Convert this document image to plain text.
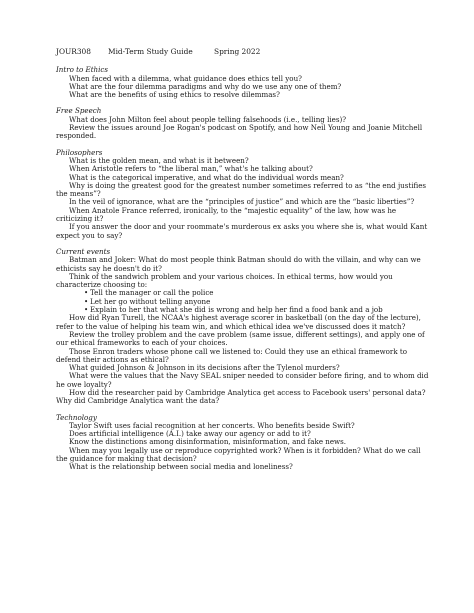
JOUR308	Mid-Term Study Guide	Spring 2022
Intro to Ethics
When faced with a dilemma, what guidance does ethics tell you?
What are the four dilemma paradigms and why do we use any one of them?
What are the benefits of using ethics to resolve dilemmas?
Free Speech
What does John Milton feel about people telling falsehoods (i.e., telling lies)?
Review the issues around Joe Rogan's podcast on Spotify, and how Neil Young and Joanie Mitchell responded.
Philosophers
What is the golden mean, and what is it between?
When Aristotle refers to “the liberal man,” what's he talking about?
What is the categorical imperative, and what do the individual words mean?
Why is doing the greatest good for the greatest number sometimes referred to as “the end justifies the means”?
In the veil of ignorance, what are the “principles of justice” and which are the “basic liberties”?
When Anatole France referred, ironically, to the “majestic equality” of the law, how was he criticizing it?
If you answer the door and your roommate's murderous ex asks you where she is, what would Kant expect you to say?
Current events
Batman and Joker: What do most people think Batman should do with the villain, and why can we ethicists say he doesn't do it?
Think of the sandwich problem and your various choices. In ethical terms, how would you characterize choosing to:
• Tell the manager or call the police
• Let her go without telling anyone
• Explain to her that what she did is wrong and help her find a food bank and a job
How did Ryan Turell, the NCAA's highest average scorer in basketball (on the day of the lecture), refer to the value of helping his team win, and which ethical idea we've discussed does it match?
Review the trolley problem and the cave problem (same issue, different settings), and apply one of our ethical frameworks to each of your choices.
Those Enron traders whose phone call we listened to: Could they use an ethical framework to defend their actions as ethical?
What guided Johnson & Johnson in its decisions after the Tylenol murders?
What were the values that the Navy SEAL sniper needed to consider before firing, and to whom did he owe loyalty?
How did the researcher paid by Cambridge Analytica get access to Facebook users' personal data? Why did Cambridge Analytica want the data?
Technology
Taylor Swift uses facial recognition at her concerts. Who benefits beside Swift?
Does artificial intelligence (A.I.) take away our agency or add to it?
Know the distinctions among disinformation, misinformation, and fake news.
When may you legally use or reproduce copyrighted work? When is it forbidden? What do we call the guidance for making that decision?
What is the relationship between social media and loneliness?
